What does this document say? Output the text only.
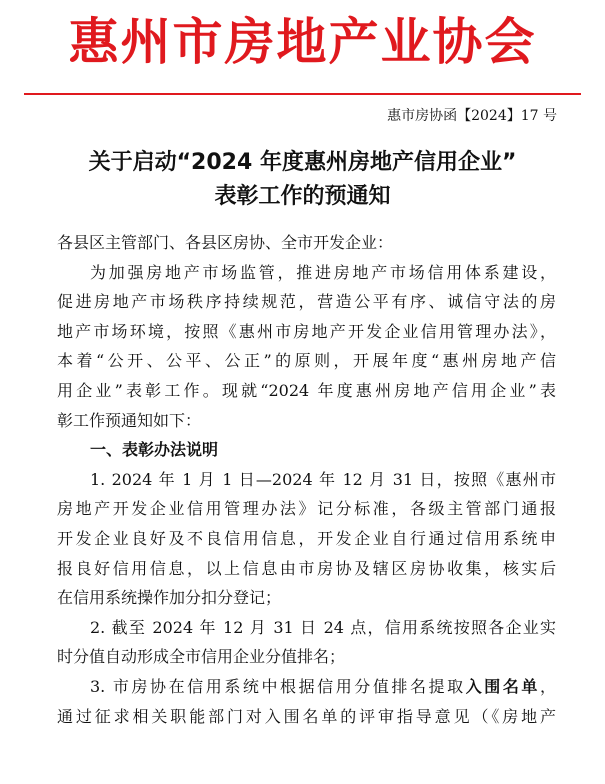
惠州市房地产业协会
惠市房协函【2024】17 号
关于启动“2024 年度惠州房地产信用企业”
表彰工作的预通知
各县区主管部门、各县区房协、全市开发企业：
为加强房地产市场监管，推进房地产市场信用体系建设，
促进房地产市场秩序持续规范，营造公平有序、诚信守法的房
地产市场环境，按照《惠州市房地产开发企业信用管理办法》，
本着“公开、公平、公正”的原则，开展年度“惠州房地产信
用企业”表彰工作。现就“2024 年度惠州房地产信用企业”表
彰工作预通知如下：
一、表彰办法说明
1. 2024 年 1 月 1 日—2024 年 12 月 31 日，按照《惠州市
房地产开发企业信用管理办法》记分标准，各级主管部门通报
开发企业良好及不良信用信息，开发企业自行通过信用系统申
报良好信用信息，以上信息由市房协及辖区房协收集，核实后
在信用系统操作加分扣分登记；
2. 截至 2024 年 12 月 31 日 24 点，信用系统按照各企业实
时分值自动形成全市信用企业分值排名；
3. 市房协在信用系统中根据信用分值排名提取入围名单，
通过征求相关职能部门对入围名单的评审指导意见（《房地产
